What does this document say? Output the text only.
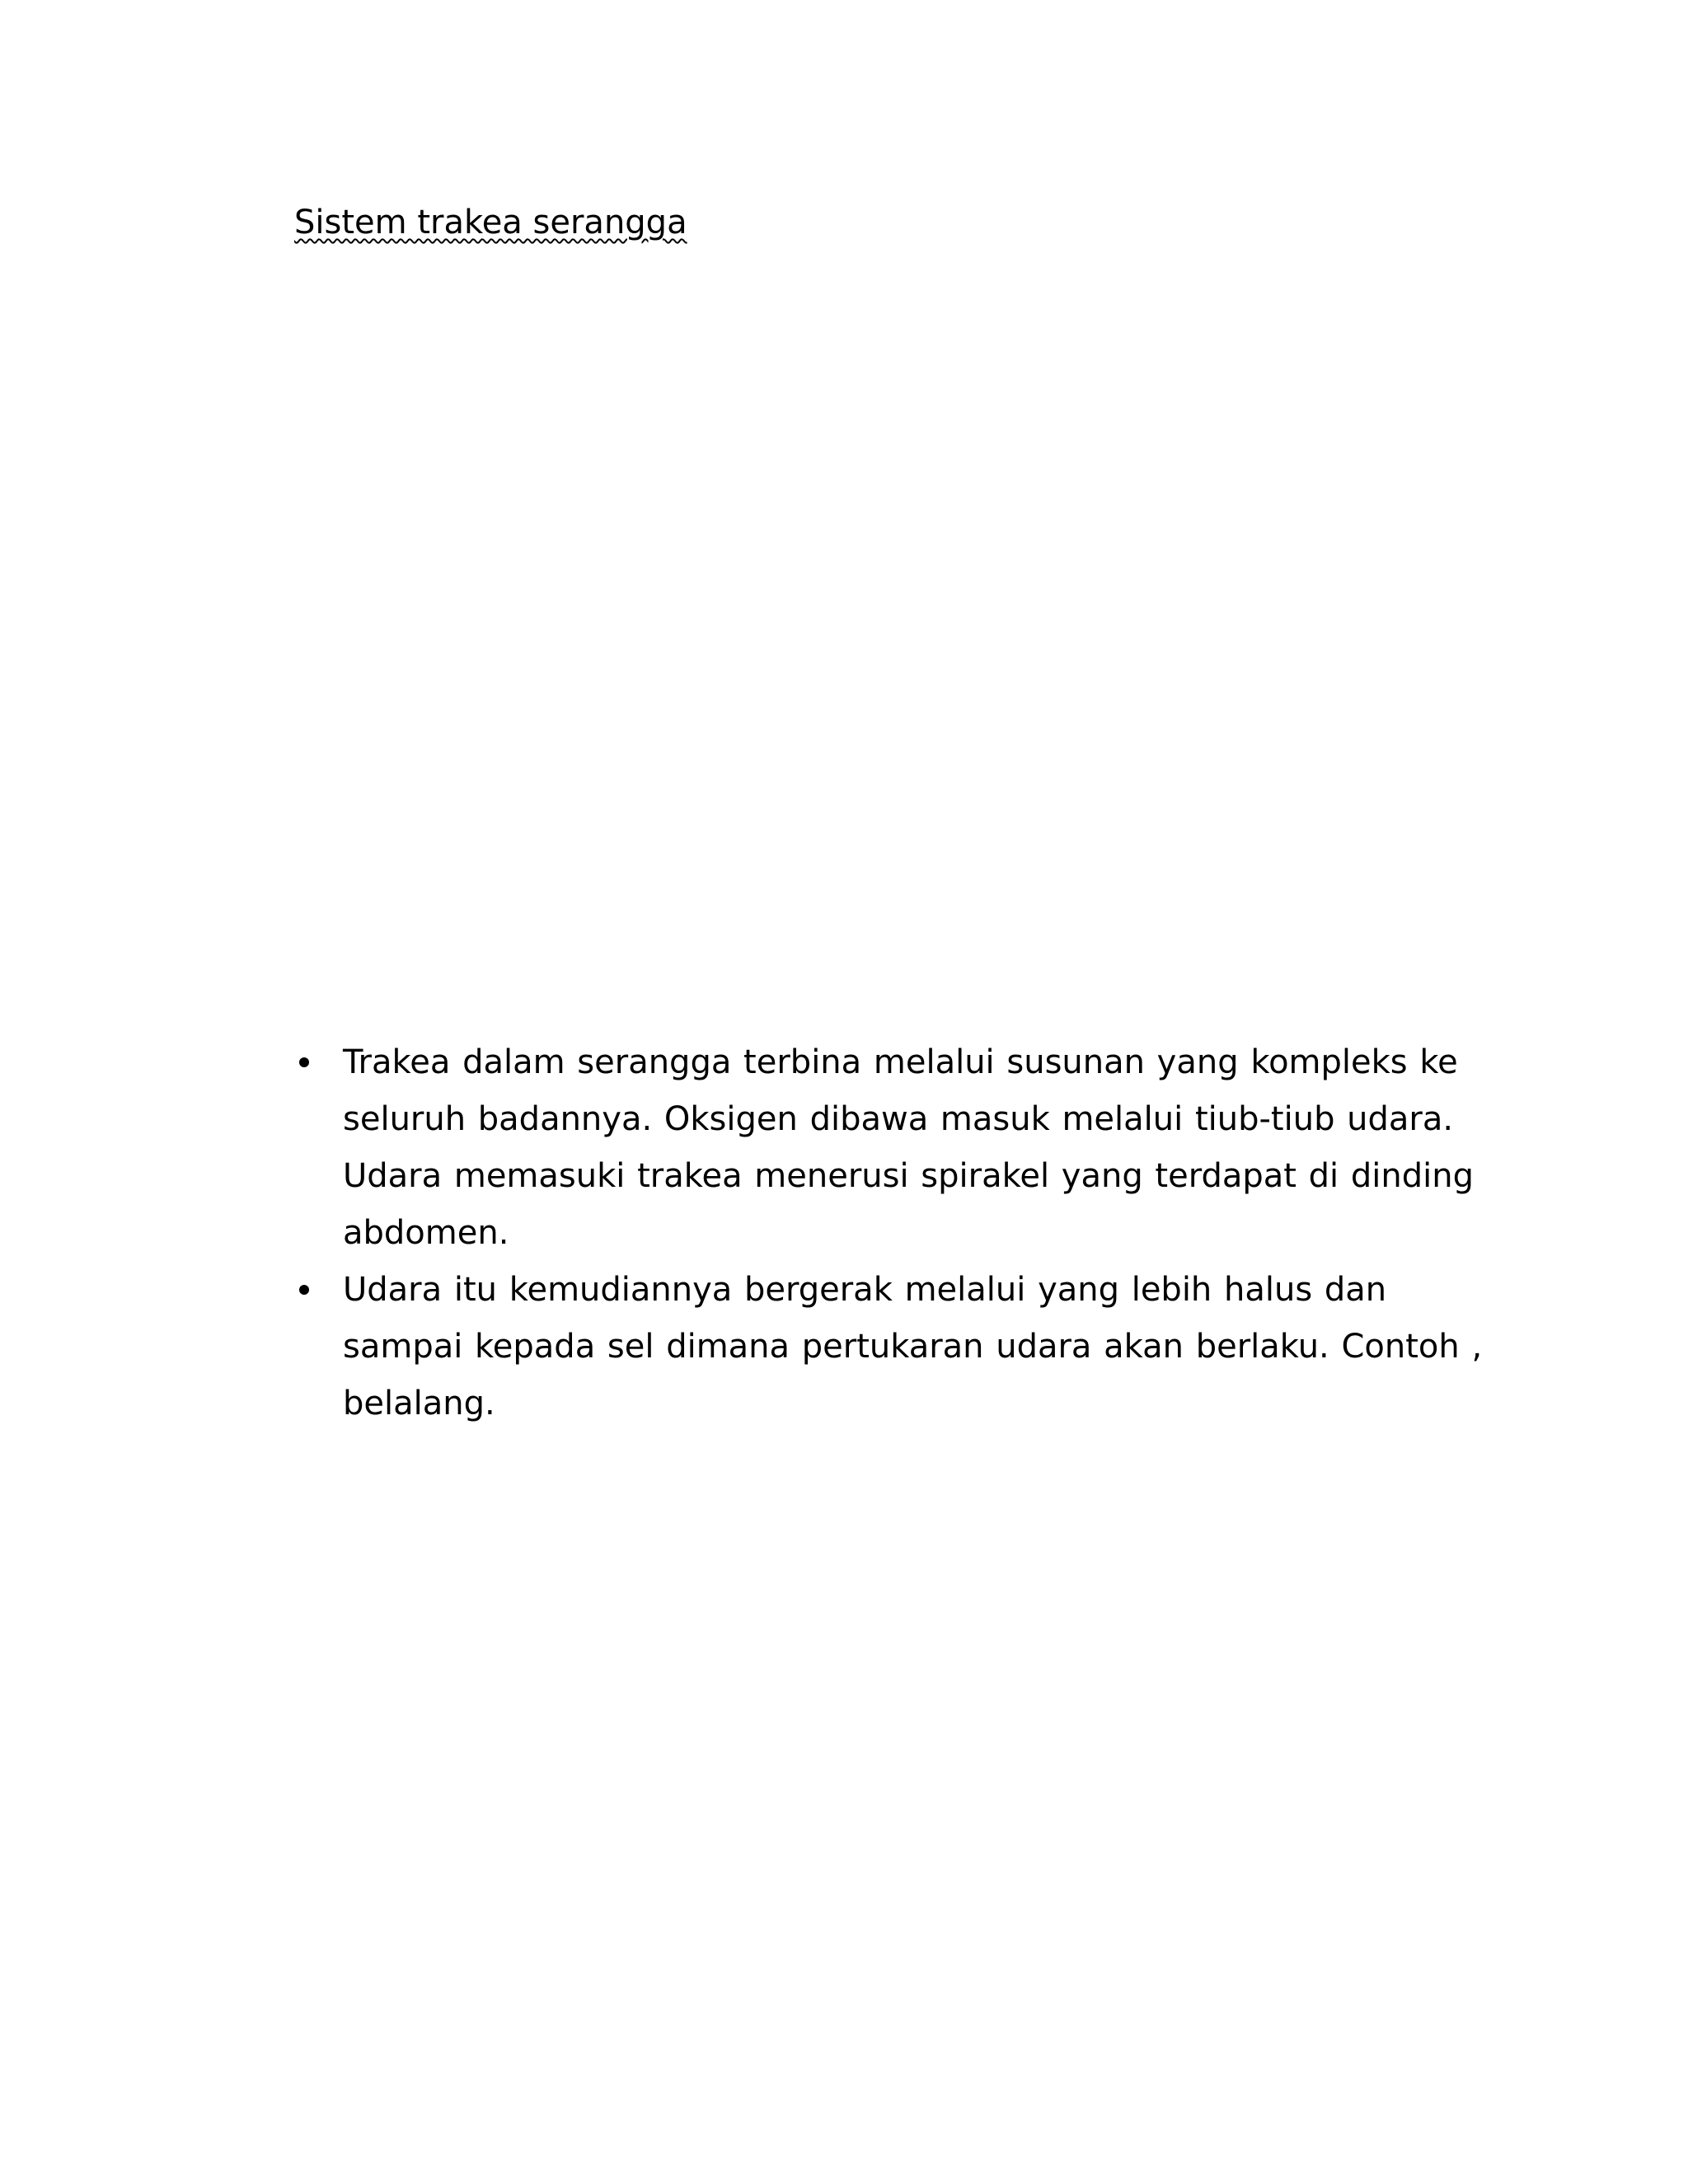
Sistem trakea serangga
Trakea dalam serangga terbina melalui susunan yang kompleks ke seluruh badannya. Oksigen dibawa masuk melalui tiub-tiub udara. Udara memasuki trakea menerusi spirakel yang terdapat di dinding abdomen.
Udara itu kemudiannya bergerak melalui yang lebih halus dan sampai kepada sel dimana pertukaran udara akan berlaku. Contoh , belalang.
